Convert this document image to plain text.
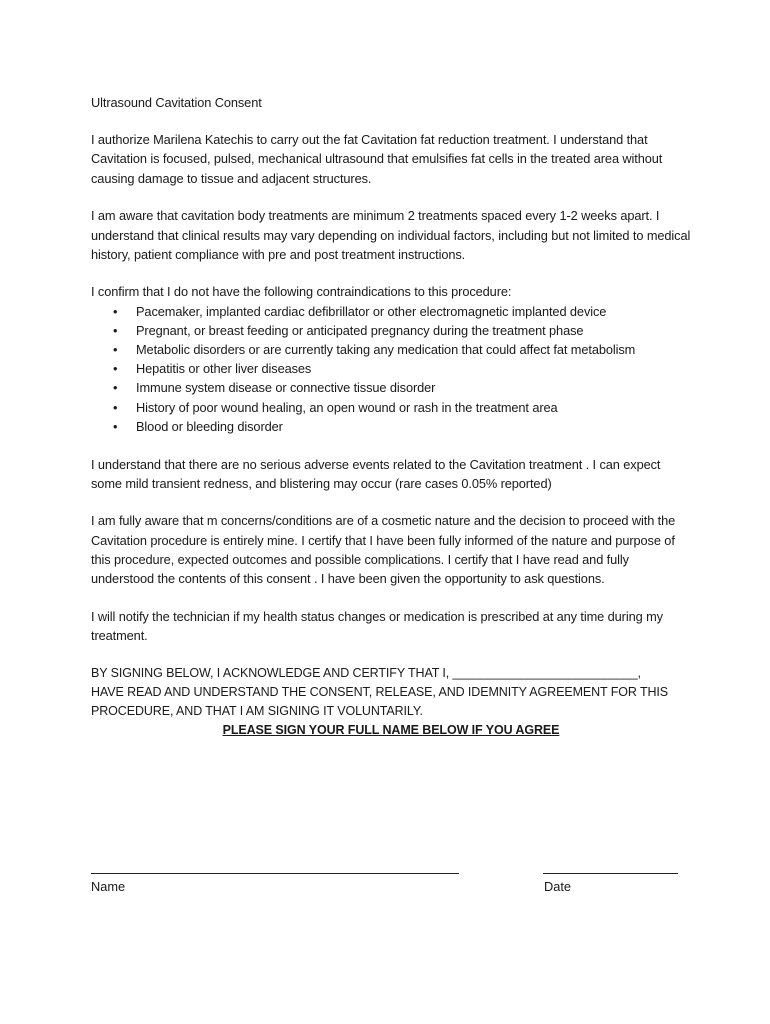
Ultrasound Cavitation Consent

I authorize Marilena Katechis to carry out the fat Cavitation fat reduction treatment. I understand that Cavitation is focused, pulsed, mechanical ultrasound that emulsifies fat cells in the treated area without causing damage to tissue and adjacent structures.

I am aware that cavitation body treatments are minimum 2 treatments spaced every 1-2 weeks apart. I understand that clinical results may vary depending on individual factors, including but not limited to medical history, patient compliance with pre and post treatment instructions.

I confirm that I do not have the following contraindications to this procedure:
• Pacemaker, implanted cardiac defibrillator or other electromagnetic implanted device
• Pregnant, or breast feeding or anticipated pregnancy during the treatment phase
• Metabolic disorders or are currently taking any medication that could affect fat metabolism
• Hepatitis or other liver diseases
• Immune system disease or connective tissue disorder
• History of poor wound healing, an open wound or rash in the treatment area
• Blood or bleeding disorder

I understand that there are no serious adverse events related to the Cavitation treatment . I can expect some mild transient redness, and blistering may occur (rare cases 0.05% reported)

I am fully aware that m concerns/conditions are of a cosmetic nature and the decision to proceed with the Cavitation procedure is entirely mine. I certify that I have been fully informed of the nature and purpose of this procedure, expected outcomes and possible complications. I certify that I have read and fully understood the contents of this consent . I have been given the opportunity to ask questions.

I will notify the technician if my health status changes or medication is prescribed at any time during my treatment.

BY SIGNING BELOW, I ACKNOWLEDGE AND CERTIFY THAT I, ___________________________,
HAVE READ AND UNDERSTAND THE CONSENT, RELEASE, AND IDEMNITY AGREEMENT FOR THIS
PROCEDURE, AND THAT I AM SIGNING IT VOLUNTARILY.
PLEASE SIGN YOUR FULL NAME BELOW IF YOU AGREE
Name	Date
